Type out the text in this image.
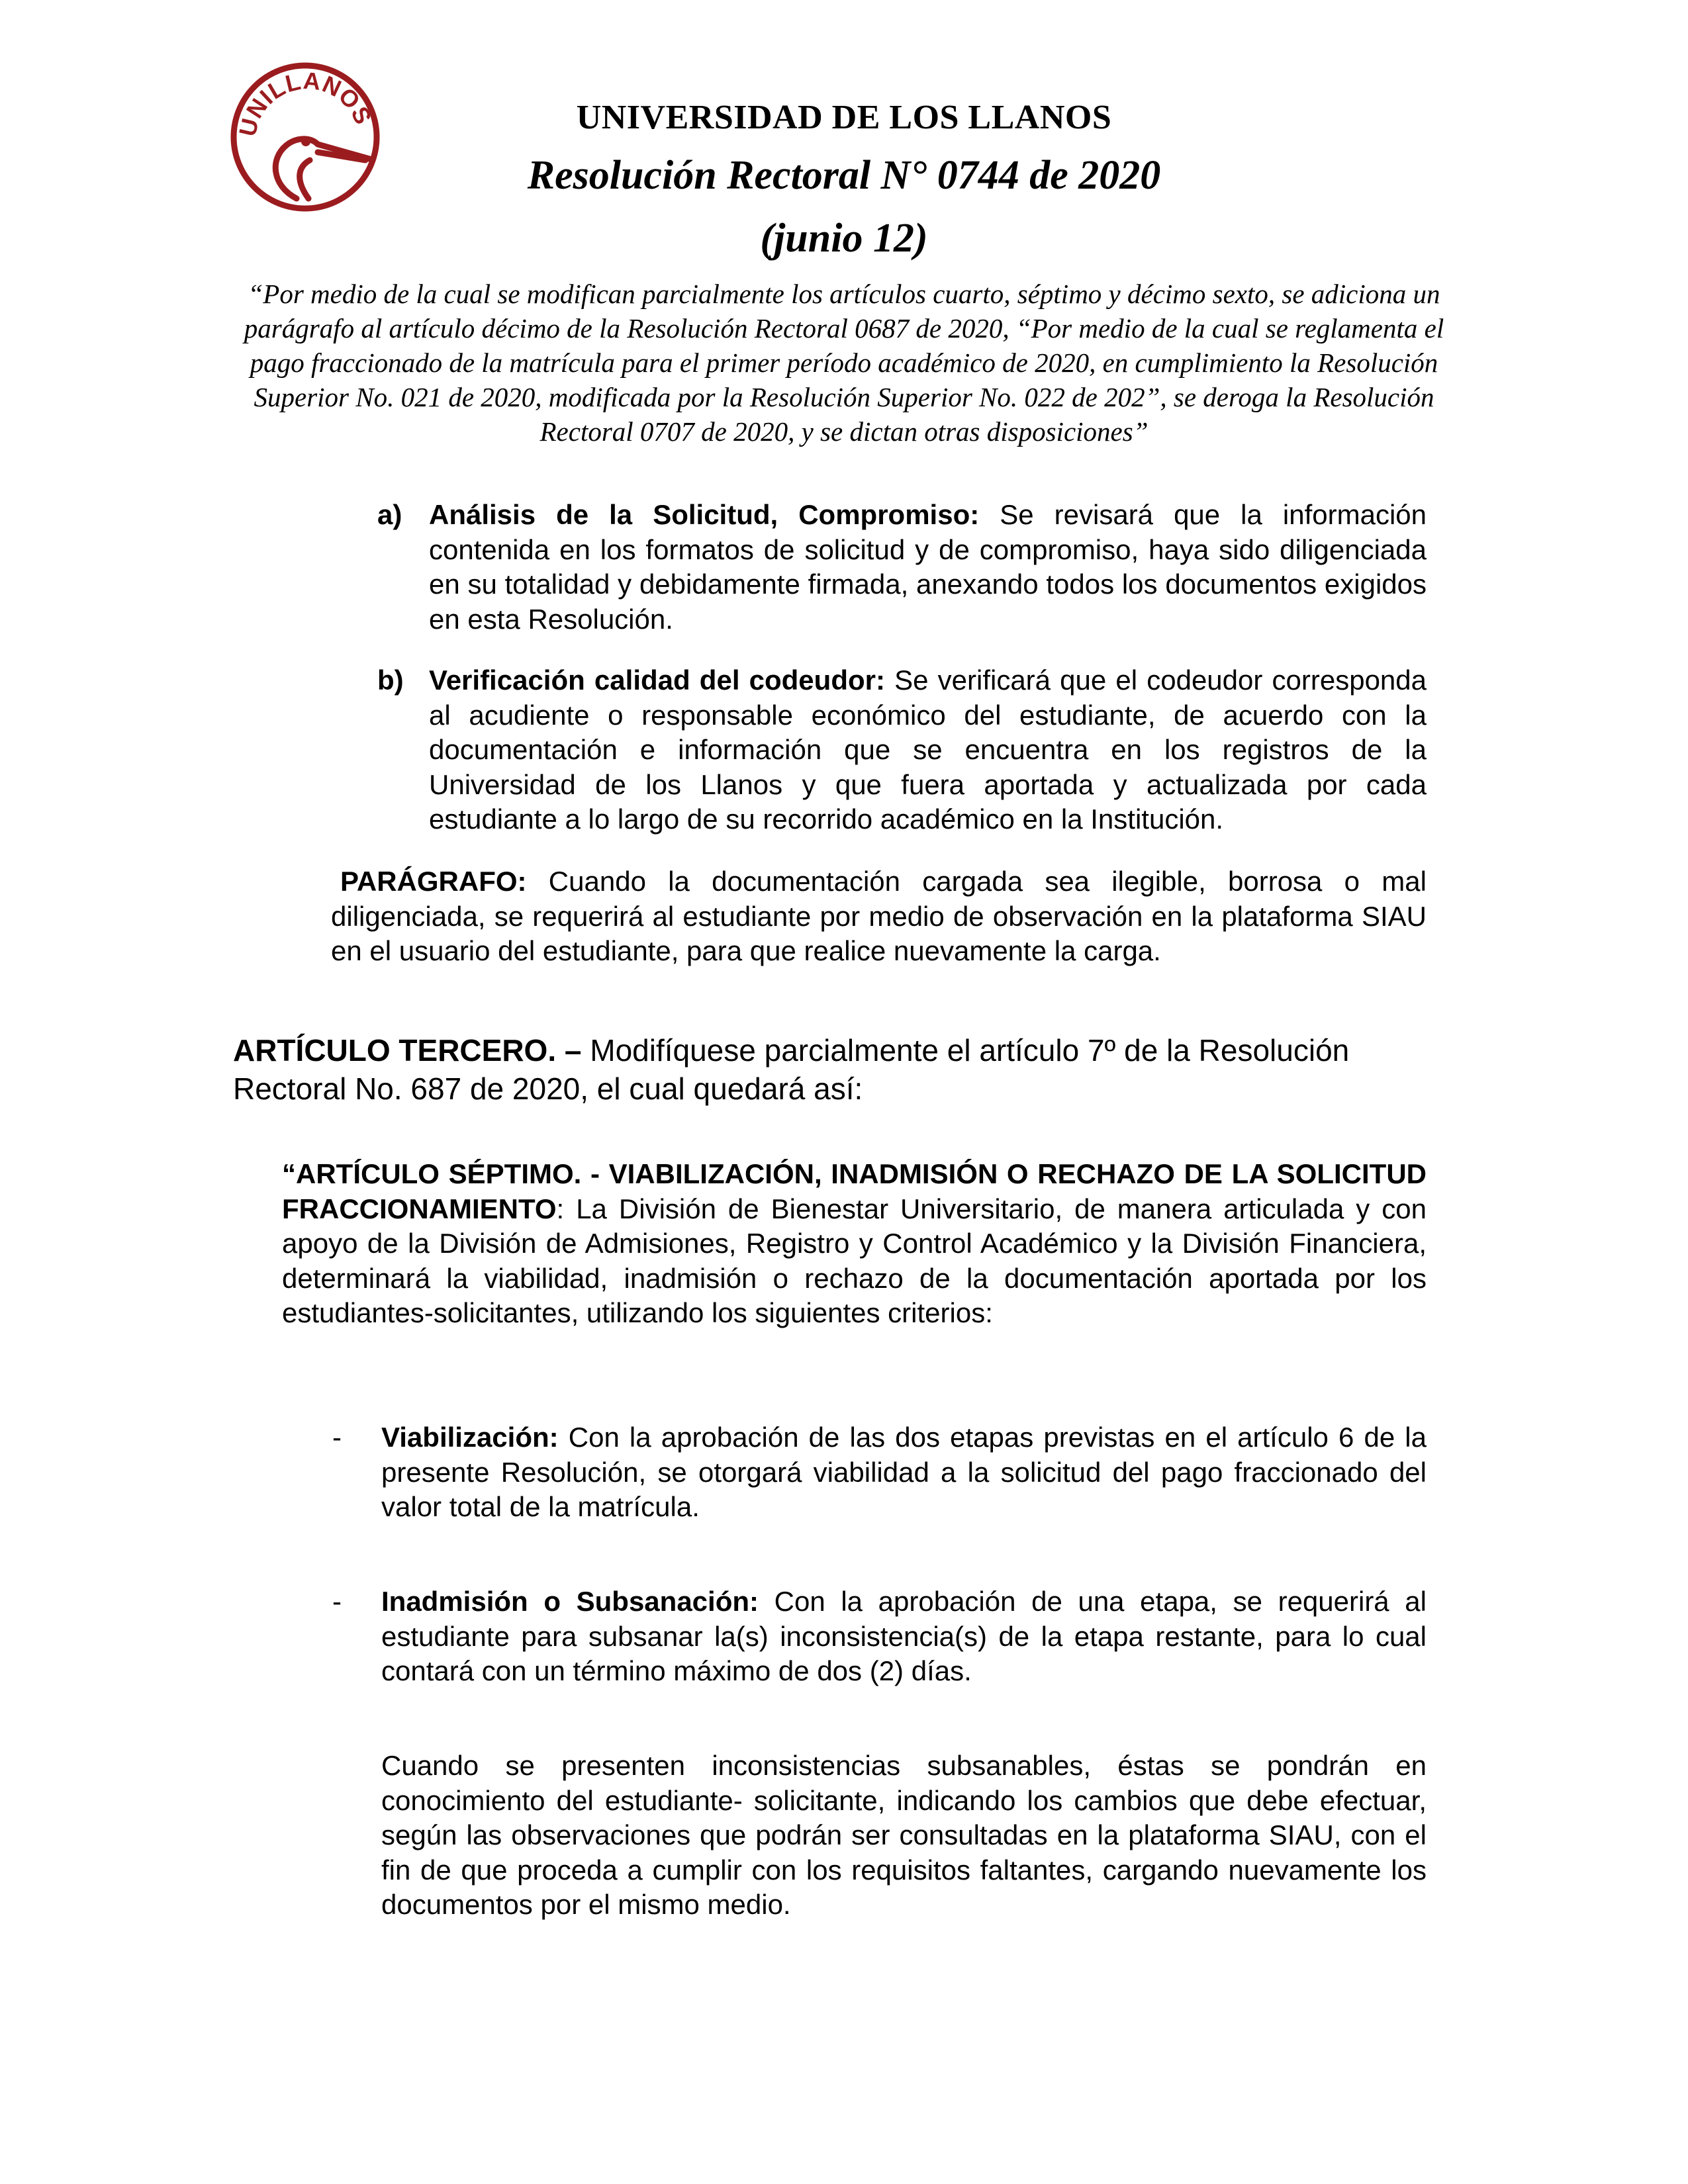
UNILLANOS	UNIVERSIDAD DE LOS LLANOS
Resolución Rectoral N° 0744 de 2020
(junio 12)
“Por medio de la cual se modifican parcialmente los artículos cuarto, séptimo y décimo sexto, se adiciona un parágrafo al artículo décimo de la Resolución Rectoral 0687 de 2020, “Por medio de la cual se reglamenta el pago fraccionado de la matrícula para el primer período académico de 2020, en cumplimiento la Resolución Superior No. 021 de 2020, modificada por la Resolución Superior No. 022 de 202”, se deroga la Resolución Rectoral 0707 de 2020, y se dictan otras disposiciones”
a) Análisis de la Solicitud, Compromiso: Se revisará que la información contenida en los formatos de solicitud y de compromiso, haya sido diligenciada en su totalidad y debidamente firmada, anexando todos los documentos exigidos en esta Resolución.
b) Verificación calidad del codeudor: Se verificará que el codeudor corresponda al acudiente o responsable económico del estudiante, de acuerdo con la documentación e información que se encuentra en los registros de la Universidad de los Llanos y que fuera aportada y actualizada por cada estudiante a lo largo de su recorrido académico en la Institución.
PARÁGRAFO: Cuando la documentación cargada sea ilegible, borrosa o mal diligenciada, se requerirá al estudiante por medio de observación en la plataforma SIAU en el usuario del estudiante, para que realice nuevamente la carga.
ARTÍCULO TERCERO. – Modifíquese parcialmente el artículo 7º de la Resolución Rectoral No. 687 de 2020, el cual quedará así:
“ARTÍCULO SÉPTIMO. - VIABILIZACIÓN, INADMISIÓN O RECHAZO DE LA SOLICITUD FRACCIONAMIENTO: La División de Bienestar Universitario, de manera articulada y con apoyo de la División de Admisiones, Registro y Control Académico y la División Financiera, determinará la viabilidad, inadmisión o rechazo de la documentación aportada por los estudiantes-solicitantes, utilizando los siguientes criterios:
- Viabilización: Con la aprobación de las dos etapas previstas en el artículo 6 de la presente Resolución, se otorgará viabilidad a la solicitud del pago fraccionado del valor total de la matrícula.
- Inadmisión o Subsanación: Con la aprobación de una etapa, se requerirá al estudiante para subsanar la(s) inconsistencia(s) de la etapa restante, para lo cual contará con un término máximo de dos (2) días.
Cuando se presenten inconsistencias subsanables, éstas se pondrán en conocimiento del estudiante- solicitante, indicando los cambios que debe efectuar, según las observaciones que podrán ser consultadas en la plataforma SIAU, con el fin de que proceda a cumplir con los requisitos faltantes, cargando nuevamente los documentos por el mismo medio.
